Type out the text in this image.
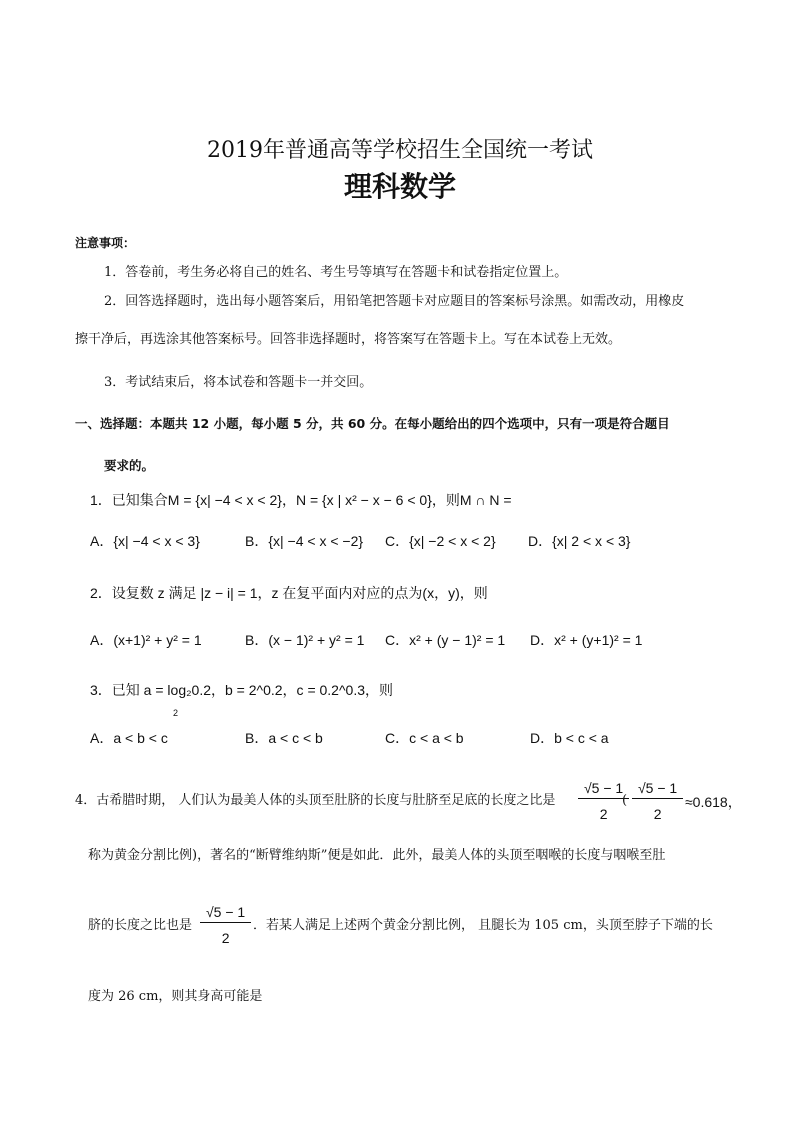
2019年普通高等学校招生全国统一考试
理科数学
注意事项：
1．答卷前，考生务必将自己的姓名、考生号等填写在答题卡和试卷指定位置上。
2．回答选择题时，选出每小题答案后，用铅笔把答题卡对应题目的答案标号涂黑。如需改动，用橡皮
擦干净后，再选涂其他答案标号。回答非选择题时，将答案写在答题卡上。写在本试卷上无效。
3．考试结束后，将本试卷和答题卡一并交回。
一、选择题：本题共 12 小题，每小题 5 分，共 60 分。在每小题给出的四个选项中，只有一项是符合题目
要求的。
1．已知集合M = {x| −4 < x < 2}，N = {x | x² − x − 6 < 0}，则M ∩ N =
A．{x| −4 < x < 3}	B．{x| −4 < x < −2} C．{x| −2 < x < 2} D．{x| 2 < x < 3}
2．设复数 z 满足 |z − i| = 1，z 在复平面内对应的点为(x，y)，则
A．(x+1)² + y² = 1	B．(x − 1)² + y² = 1 C．x² + (y − 1)² = 1 D．x² + (y+1)² = 1
3．已知 a = log₂0.2，b = 2^0.2，c = 0.2^0.3，则
2
A．a < b < c	B．a < c < b	C．c < a < b	D．b < c < a
4．古希腊时期， 人们认为最美人体的头顶至肚脐的长度与肚脐至足底的长度之比是 $\frac{√5 - 1}{2}$
( $\frac{√5 - 1}{2} \approx 0.618$，
称为黄金分割比例)，著名的“断臂维纳斯”便是如此．此外，最美人体的头顶至咽喉的长度与咽喉至肚
脐的长度之比也是 $\frac{√5 - 1}{2}$ ．若某人满足上述两个黄金分割比例， 且腿长为 105 cm，头顶至脖子下端的长
度为 26 cm，则其身高可能是
